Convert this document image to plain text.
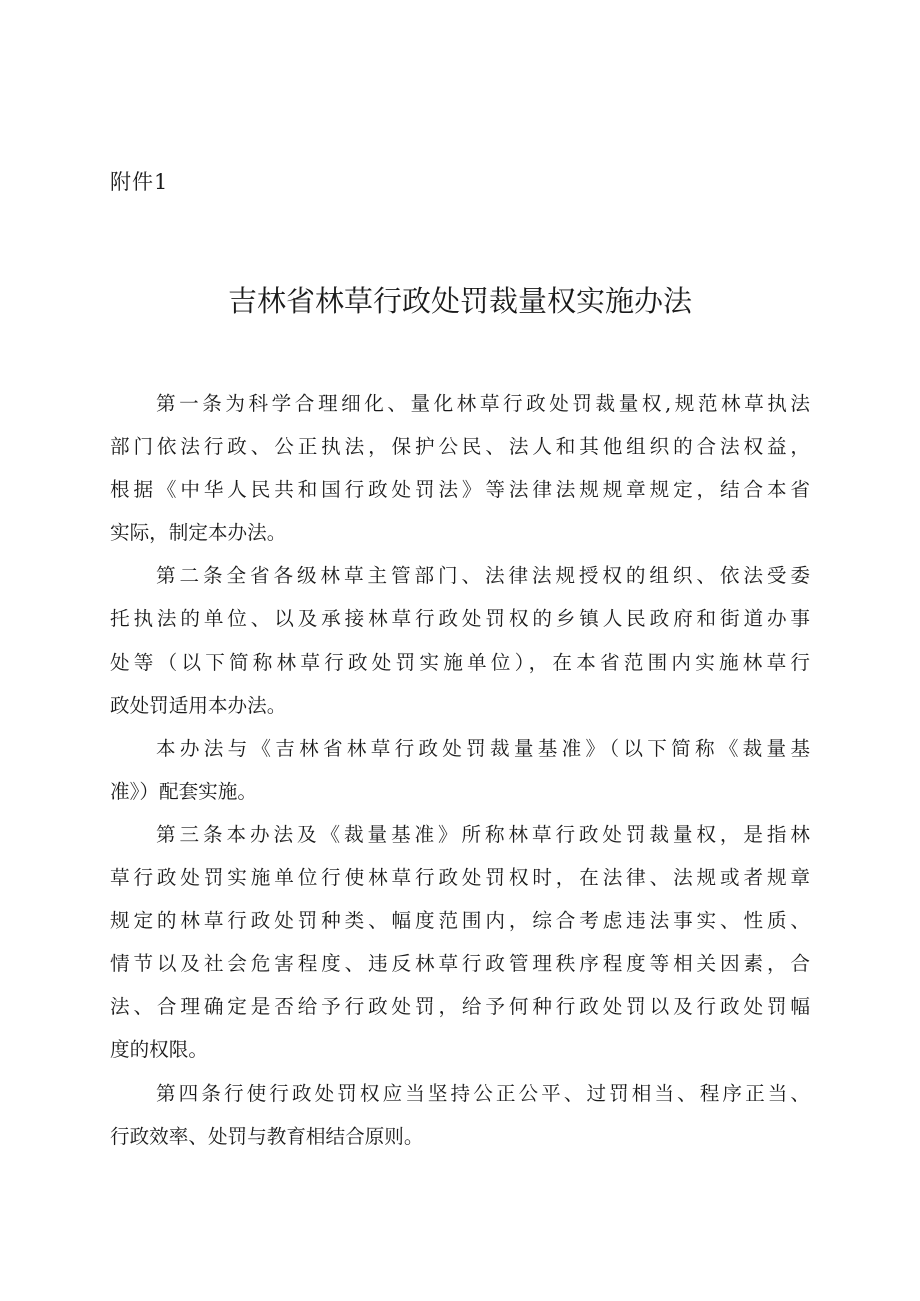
附件1
吉林省林草行政处罚裁量权实施办法
第一条为科学合理细化、量化林草行政处罚裁量权,规范林草执法
部门依法行政、公正执法，保护公民、法人和其他组织的合法权益，
根据《中华人民共和国行政处罚法》等法律法规规章规定，结合本省
实际，制定本办法。
第二条全省各级林草主管部门、法律法规授权的组织、依法受委
托执法的单位、以及承接林草行政处罚权的乡镇人民政府和街道办事
处等（以下简称林草行政处罚实施单位），在本省范围内实施林草行
政处罚适用本办法。
本办法与《吉林省林草行政处罚裁量基准》（以下简称《裁量基
准》）配套实施。
第三条本办法及《裁量基准》所称林草行政处罚裁量权，是指林
草行政处罚实施单位行使林草行政处罚权时，在法律、法规或者规章
规定的林草行政处罚种类、幅度范围内，综合考虑违法事实、性质、
情节以及社会危害程度、违反林草行政管理秩序程度等相关因素，合
法、合理确定是否给予行政处罚，给予何种行政处罚以及行政处罚幅
度的权限。
第四条行使行政处罚权应当坚持公正公平、过罚相当、程序正当、
行政效率、处罚与教育相结合原则。
